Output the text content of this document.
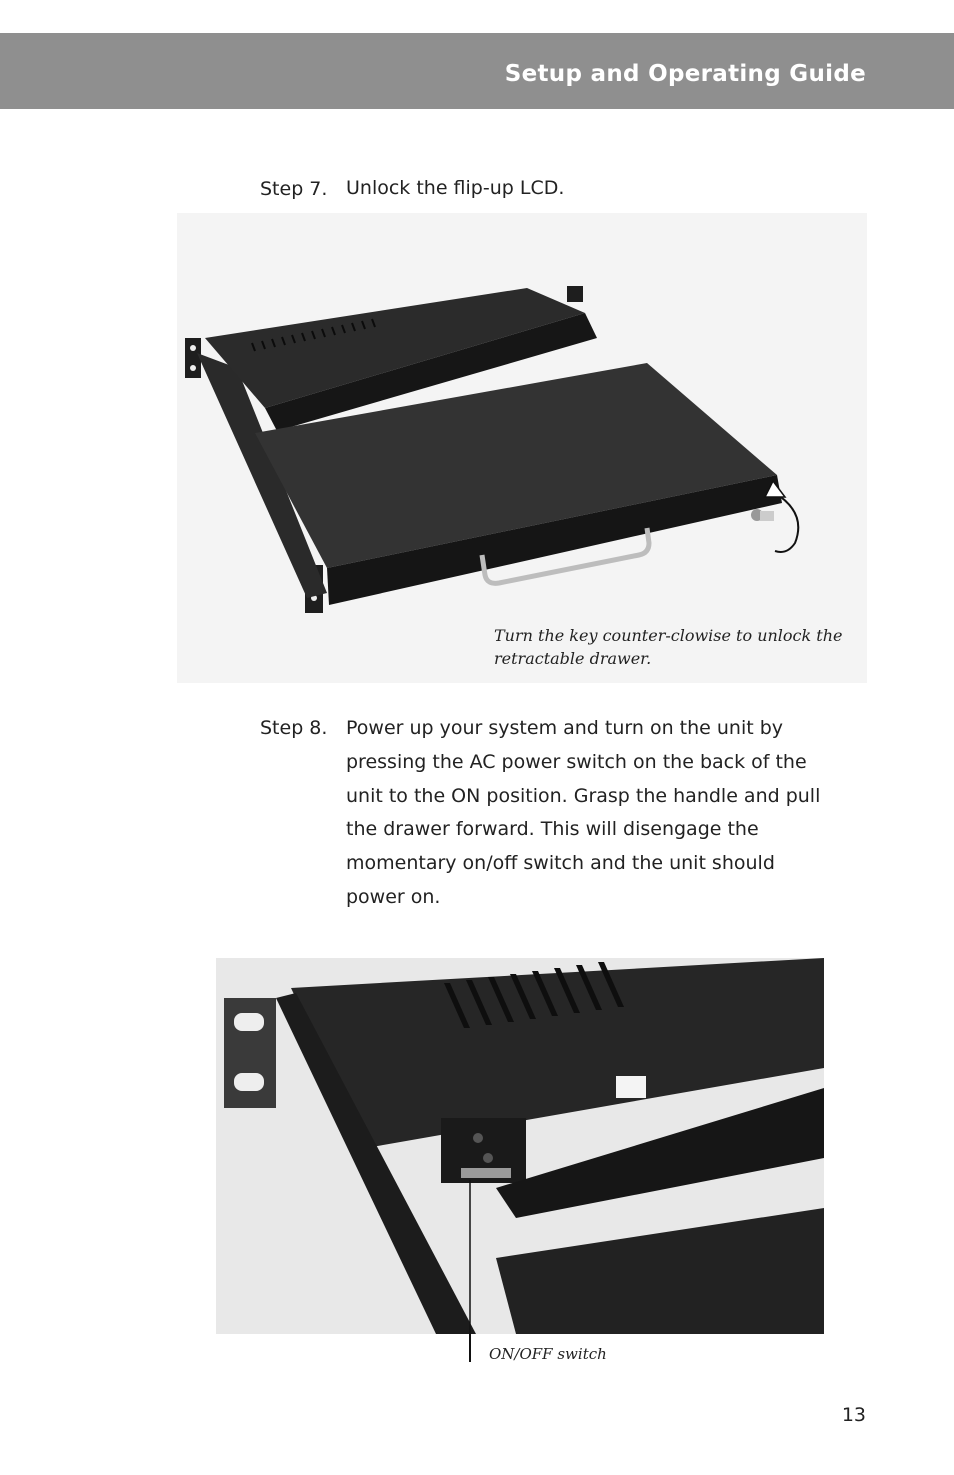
Setup and Operating Guide
Step 7. Unlock the flip-up LCD.
Turn the key counter-clowise to unlock the
retractable drawer.
Step 8. Power up your system and turn on the unit by
pressing the AC power switch on the back of the
unit to the ON position. Grasp the handle and pull
the drawer forward. This will disengage the
momentary on/off switch and the unit should
power on.
ON/OFF switch
13
